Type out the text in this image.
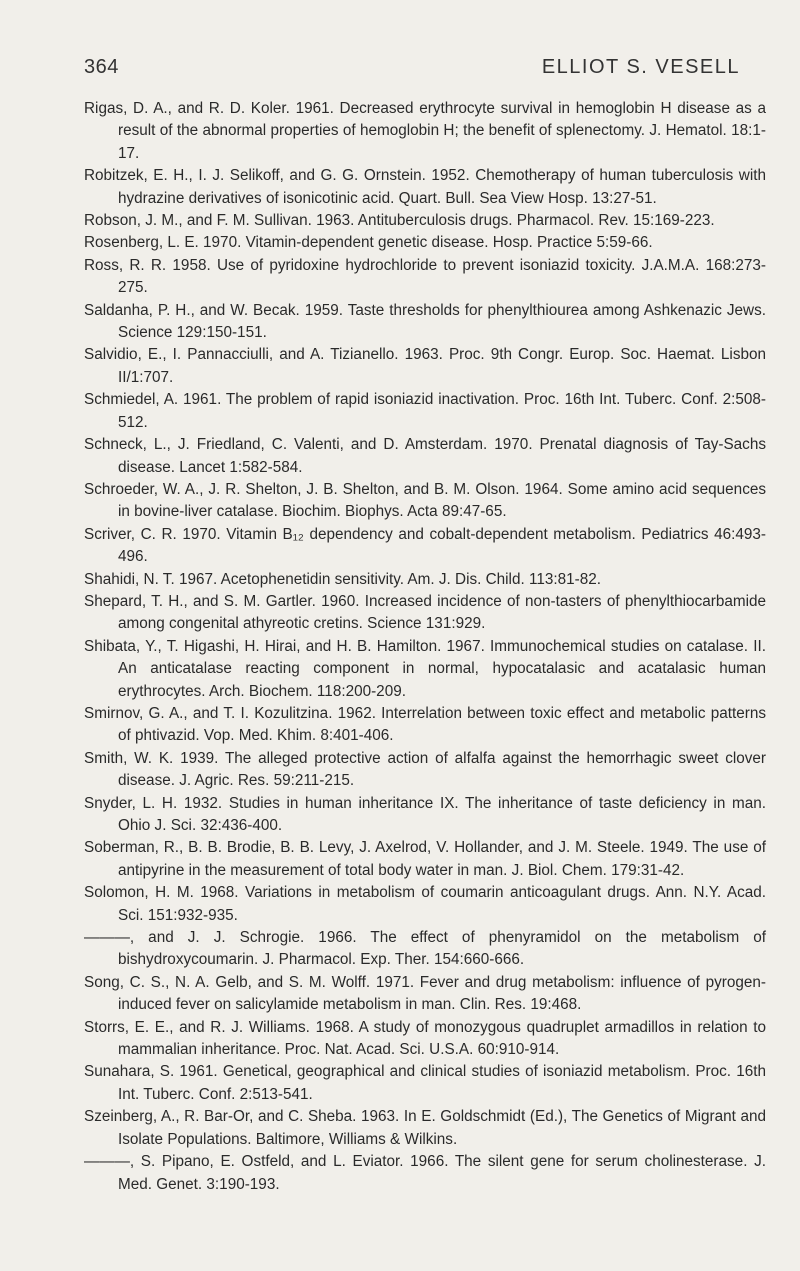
364	ELLIOT S. VESELL

Rigas, D. A., and R. D. Koler. 1961. Decreased erythrocyte survival in hemoglobin H disease as a result of the abnormal properties of hemoglobin H; the benefit of splenectomy. J. Hematol. 18:1-17.

Robitzek, E. H., I. J. Selikoff, and G. G. Ornstein. 1952. Chemotherapy of human tuberculosis with hydrazine derivatives of isonicotinic acid. Quart. Bull. Sea View Hosp. 13:27-51.

Robson, J. M., and F. M. Sullivan. 1963. Antituberculosis drugs. Pharmacol. Rev. 15:169-223.

Rosenberg, L. E. 1970. Vitamin-dependent genetic disease. Hosp. Practice 5:59-66.

Ross, R. R. 1958. Use of pyridoxine hydrochloride to prevent isoniazid toxicity. J.A.M.A. 168:273-275.

Saldanha, P. H., and W. Becak. 1959. Taste thresholds for phenylthiourea among Ashkenazic Jews. Science 129:150-151.

Salvidio, E., I. Pannacciulli, and A. Tizianello. 1963. Proc. 9th Congr. Europ. Soc. Haemat. Lisbon II/1:707.

Schmiedel, A. 1961. The problem of rapid isoniazid inactivation. Proc. 16th Int. Tuberc. Conf. 2:508-512.

Schneck, L., J. Friedland, C. Valenti, and D. Amsterdam. 1970. Prenatal diagnosis of Tay-Sachs disease. Lancet 1:582-584.

Schroeder, W. A., J. R. Shelton, J. B. Shelton, and B. M. Olson. 1964. Some amino acid sequences in bovine-liver catalase. Biochim. Biophys. Acta 89:47-65.

Scriver, C. R. 1970. Vitamin B₁₂ dependency and cobalt-dependent metabolism. Pediatrics 46:493-496.

Shahidi, N. T. 1967. Acetophenetidin sensitivity. Am. J. Dis. Child. 113:81-82.

Shepard, T. H., and S. M. Gartler. 1960. Increased incidence of non-tasters of phenylthiocarbamide among congenital athyreotic cretins. Science 131:929.

Shibata, Y., T. Higashi, H. Hirai, and H. B. Hamilton. 1967. Immunochemical studies on catalase. II. An anticatalase reacting component in normal, hypocatalasic and acatalasic human erythrocytes. Arch. Biochem. 118:200-209.

Smirnov, G. A., and T. I. Kozulitzina. 1962. Interrelation between toxic effect and metabolic patterns of phtivazid. Vop. Med. Khim. 8:401-406.

Smith, W. K. 1939. The alleged protective action of alfalfa against the hemorrhagic sweet clover disease. J. Agric. Res. 59:211-215.

Snyder, L. H. 1932. Studies in human inheritance IX. The inheritance of taste deficiency in man. Ohio J. Sci. 32:436-400.

Soberman, R., B. B. Brodie, B. B. Levy, J. Axelrod, V. Hollander, and J. M. Steele. 1949. The use of antipyrine in the measurement of total body water in man. J. Biol. Chem. 179:31-42.

Solomon, H. M. 1968. Variations in metabolism of coumarin anticoagulant drugs. Ann. N.Y. Acad. Sci. 151:932-935.

———, and J. J. Schrogie. 1966. The effect of phenyramidol on the metabolism of bishydroxycoumarin. J. Pharmacol. Exp. Ther. 154:660-666.

Song, C. S., N. A. Gelb, and S. M. Wolff. 1971. Fever and drug metabolism: influence of pyrogen-induced fever on salicylamide metabolism in man. Clin. Res. 19:468.

Storrs, E. E., and R. J. Williams. 1968. A study of monozygous quadruplet armadillos in relation to mammalian inheritance. Proc. Nat. Acad. Sci. U.S.A. 60:910-914.

Sunahara, S. 1961. Genetical, geographical and clinical studies of isoniazid metabolism. Proc. 16th Int. Tuberc. Conf. 2:513-541.

Szeinberg, A., R. Bar-Or, and C. Sheba. 1963. In E. Goldschmidt (Ed.), The Genetics of Migrant and Isolate Populations. Baltimore, Williams & Wilkins.

———, S. Pipano, E. Ostfeld, and L. Eviator. 1966. The silent gene for serum cholinesterase. J. Med. Genet. 3:190-193.
